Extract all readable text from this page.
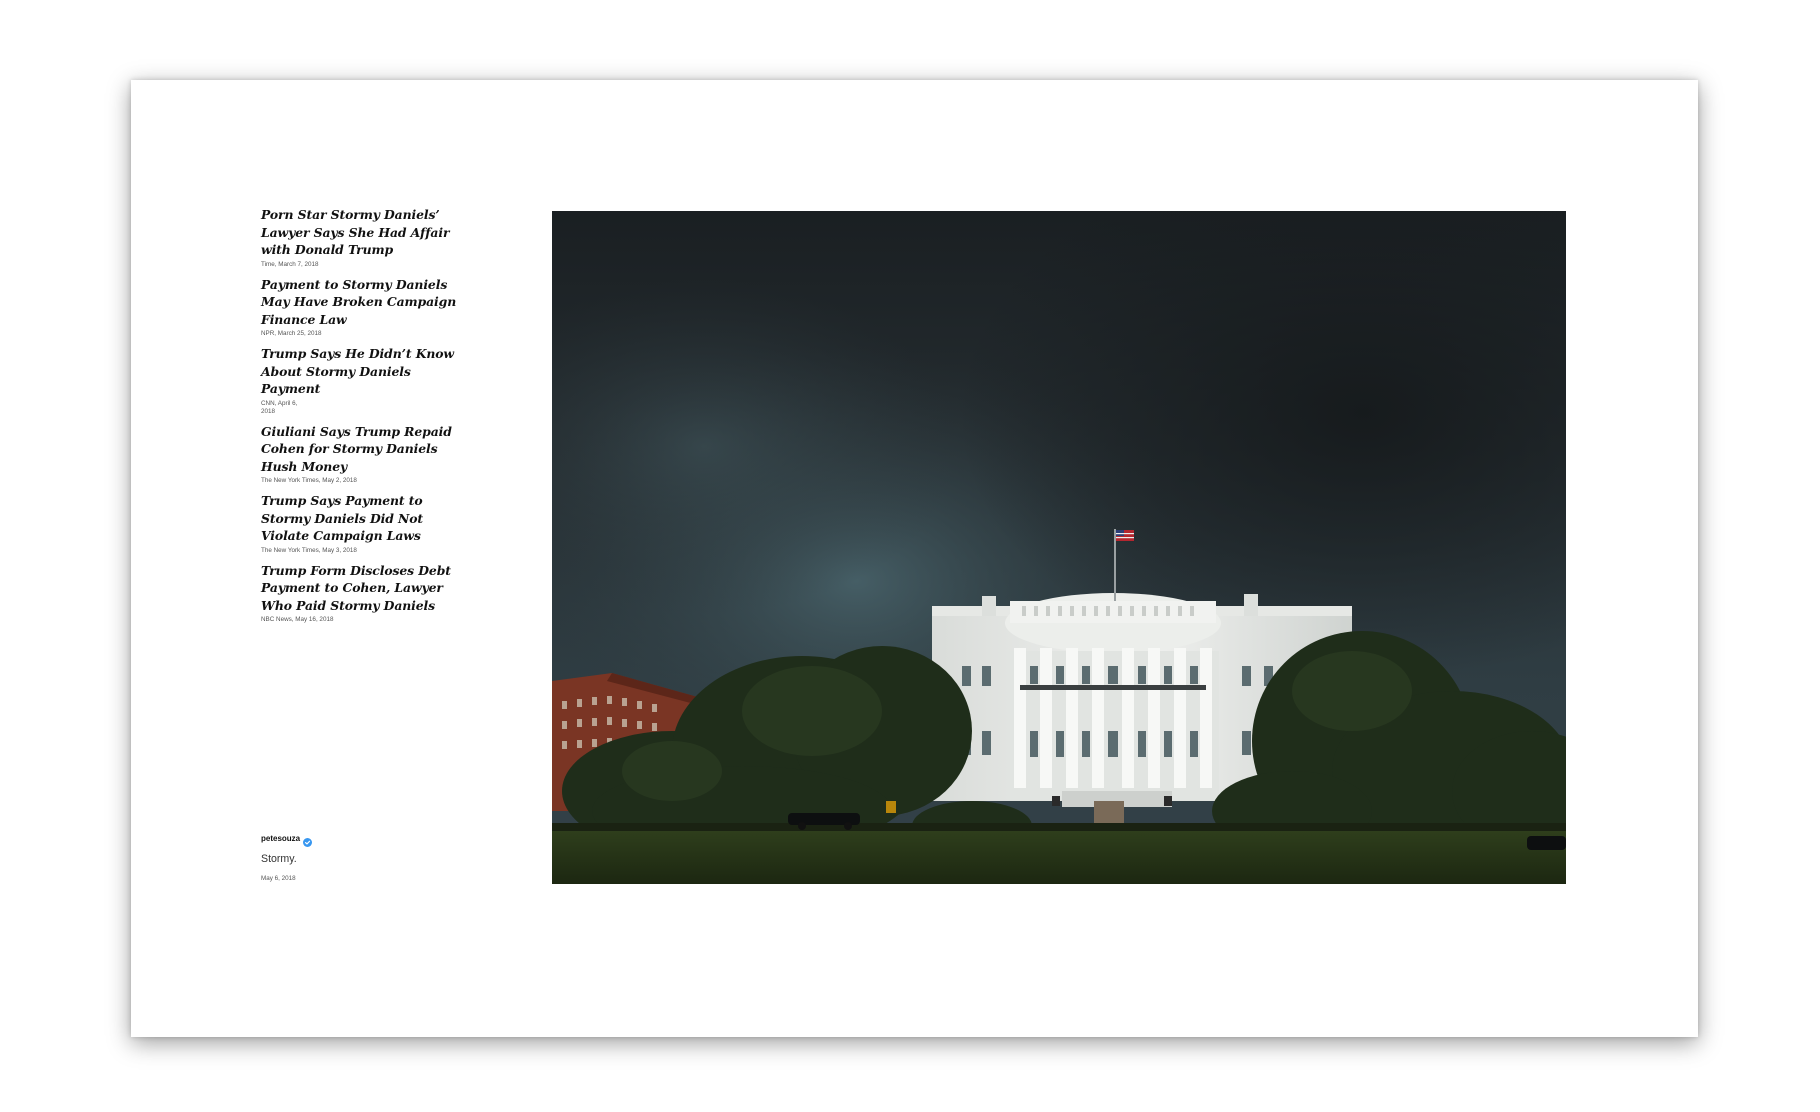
Porn Star Stormy Daniels’ Lawyer Says She Had Affair with Donald Trump
Time, March 7, 2018
Payment to Stormy Daniels May Have Broken Campaign Finance Law
NPR, March 25, 2018
Trump Says He Didn’t Know About Stormy Daniels Payment
CNN, April 6, 2018
Giuliani Says Trump Repaid Cohen for Stormy Daniels Hush Money
The New York Times, May 2, 2018
Trump Says Payment to Stormy Daniels Did Not Violate Campaign Laws
The New York Times, May 3, 2018
Trump Form Discloses Debt Payment to Cohen, Lawyer Who Paid Stormy Daniels
NBC News, May 16, 2018
petesouza
Stormy.
May 6, 2018
